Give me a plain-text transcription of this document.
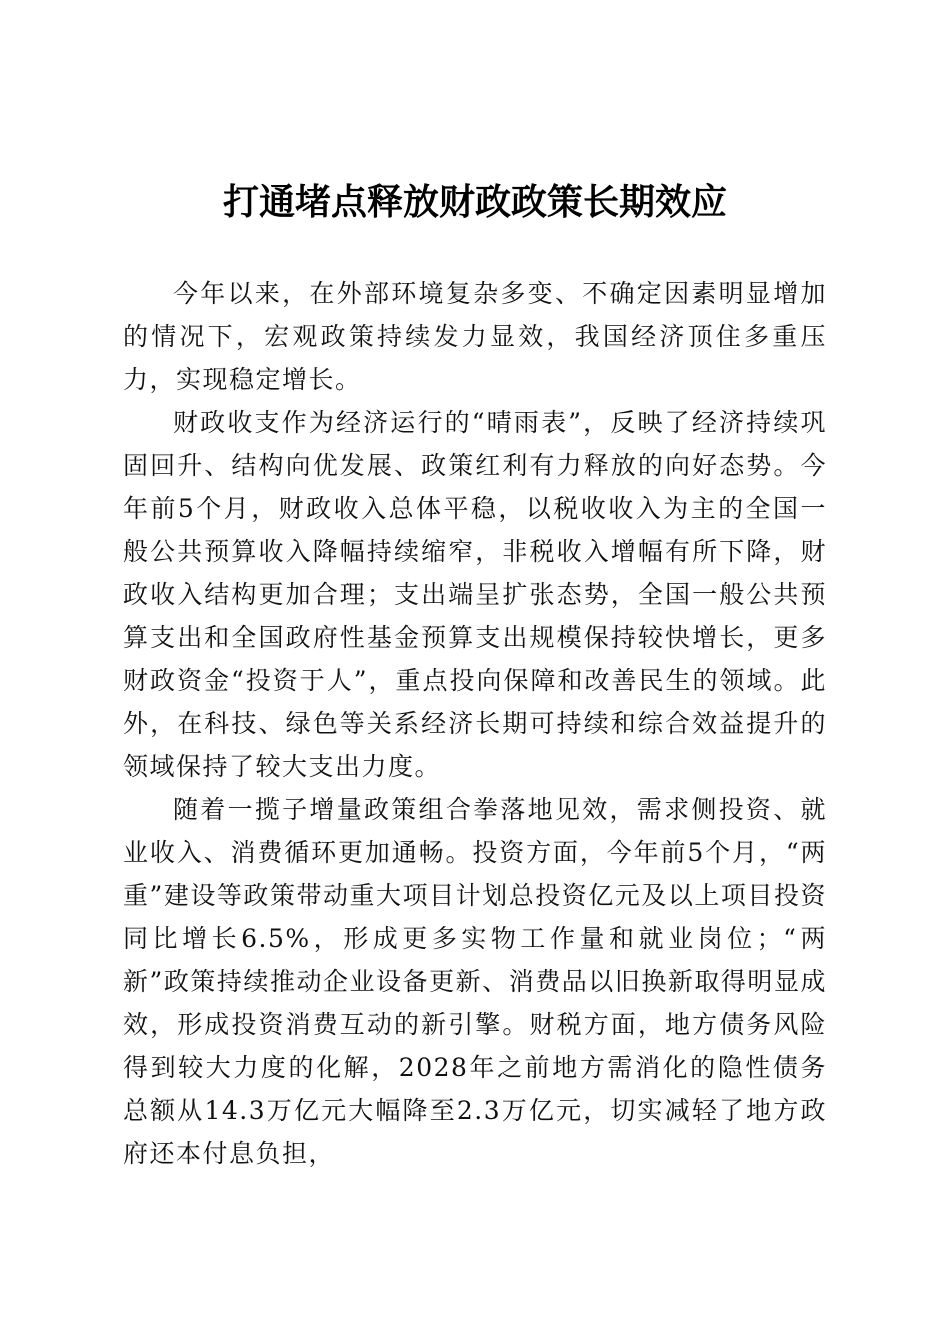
打通堵点释放财政政策长期效应

今年以来，在外部环境复杂多变、不确定因素明显增加的情况下，宏观政策持续发力显效，我国经济顶住多重压力，实现稳定增长。

财政收支作为经济运行的“晴雨表”，反映了经济持续巩固回升、结构向优发展、政策红利有力释放的向好态势。今年前5个月，财政收入总体平稳，以税收收入为主的全国一般公共预算收入降幅持续缩窄，非税收入增幅有所下降，财政收入结构更加合理；支出端呈扩张态势，全国一般公共预算支出和全国政府性基金预算支出规模保持较快增长，更多财政资金“投资于人”，重点投向保障和改善民生的领域。此外，在科技、绿色等关系经济长期可持续和综合效益提升的领域保持了较大支出力度。

随着一揽子增量政策组合拳落地见效，需求侧投资、就业收入、消费循环更加通畅。投资方面，今年前5个月，“两重”建设等政策带动重大项目计划总投资亿元及以上项目投资同比增长6.5%，形成更多实物工作量和就业岗位；“两新”政策持续推动企业设备更新、消费品以旧换新取得明显成效，形成投资消费互动的新引擎。财税方面，地方债务风险得到较大力度的化解，2028年之前地方需消化的隐性债务总额从14.3万亿元大幅降至2.3万亿元，切实减轻了地方政府还本付息负担，
